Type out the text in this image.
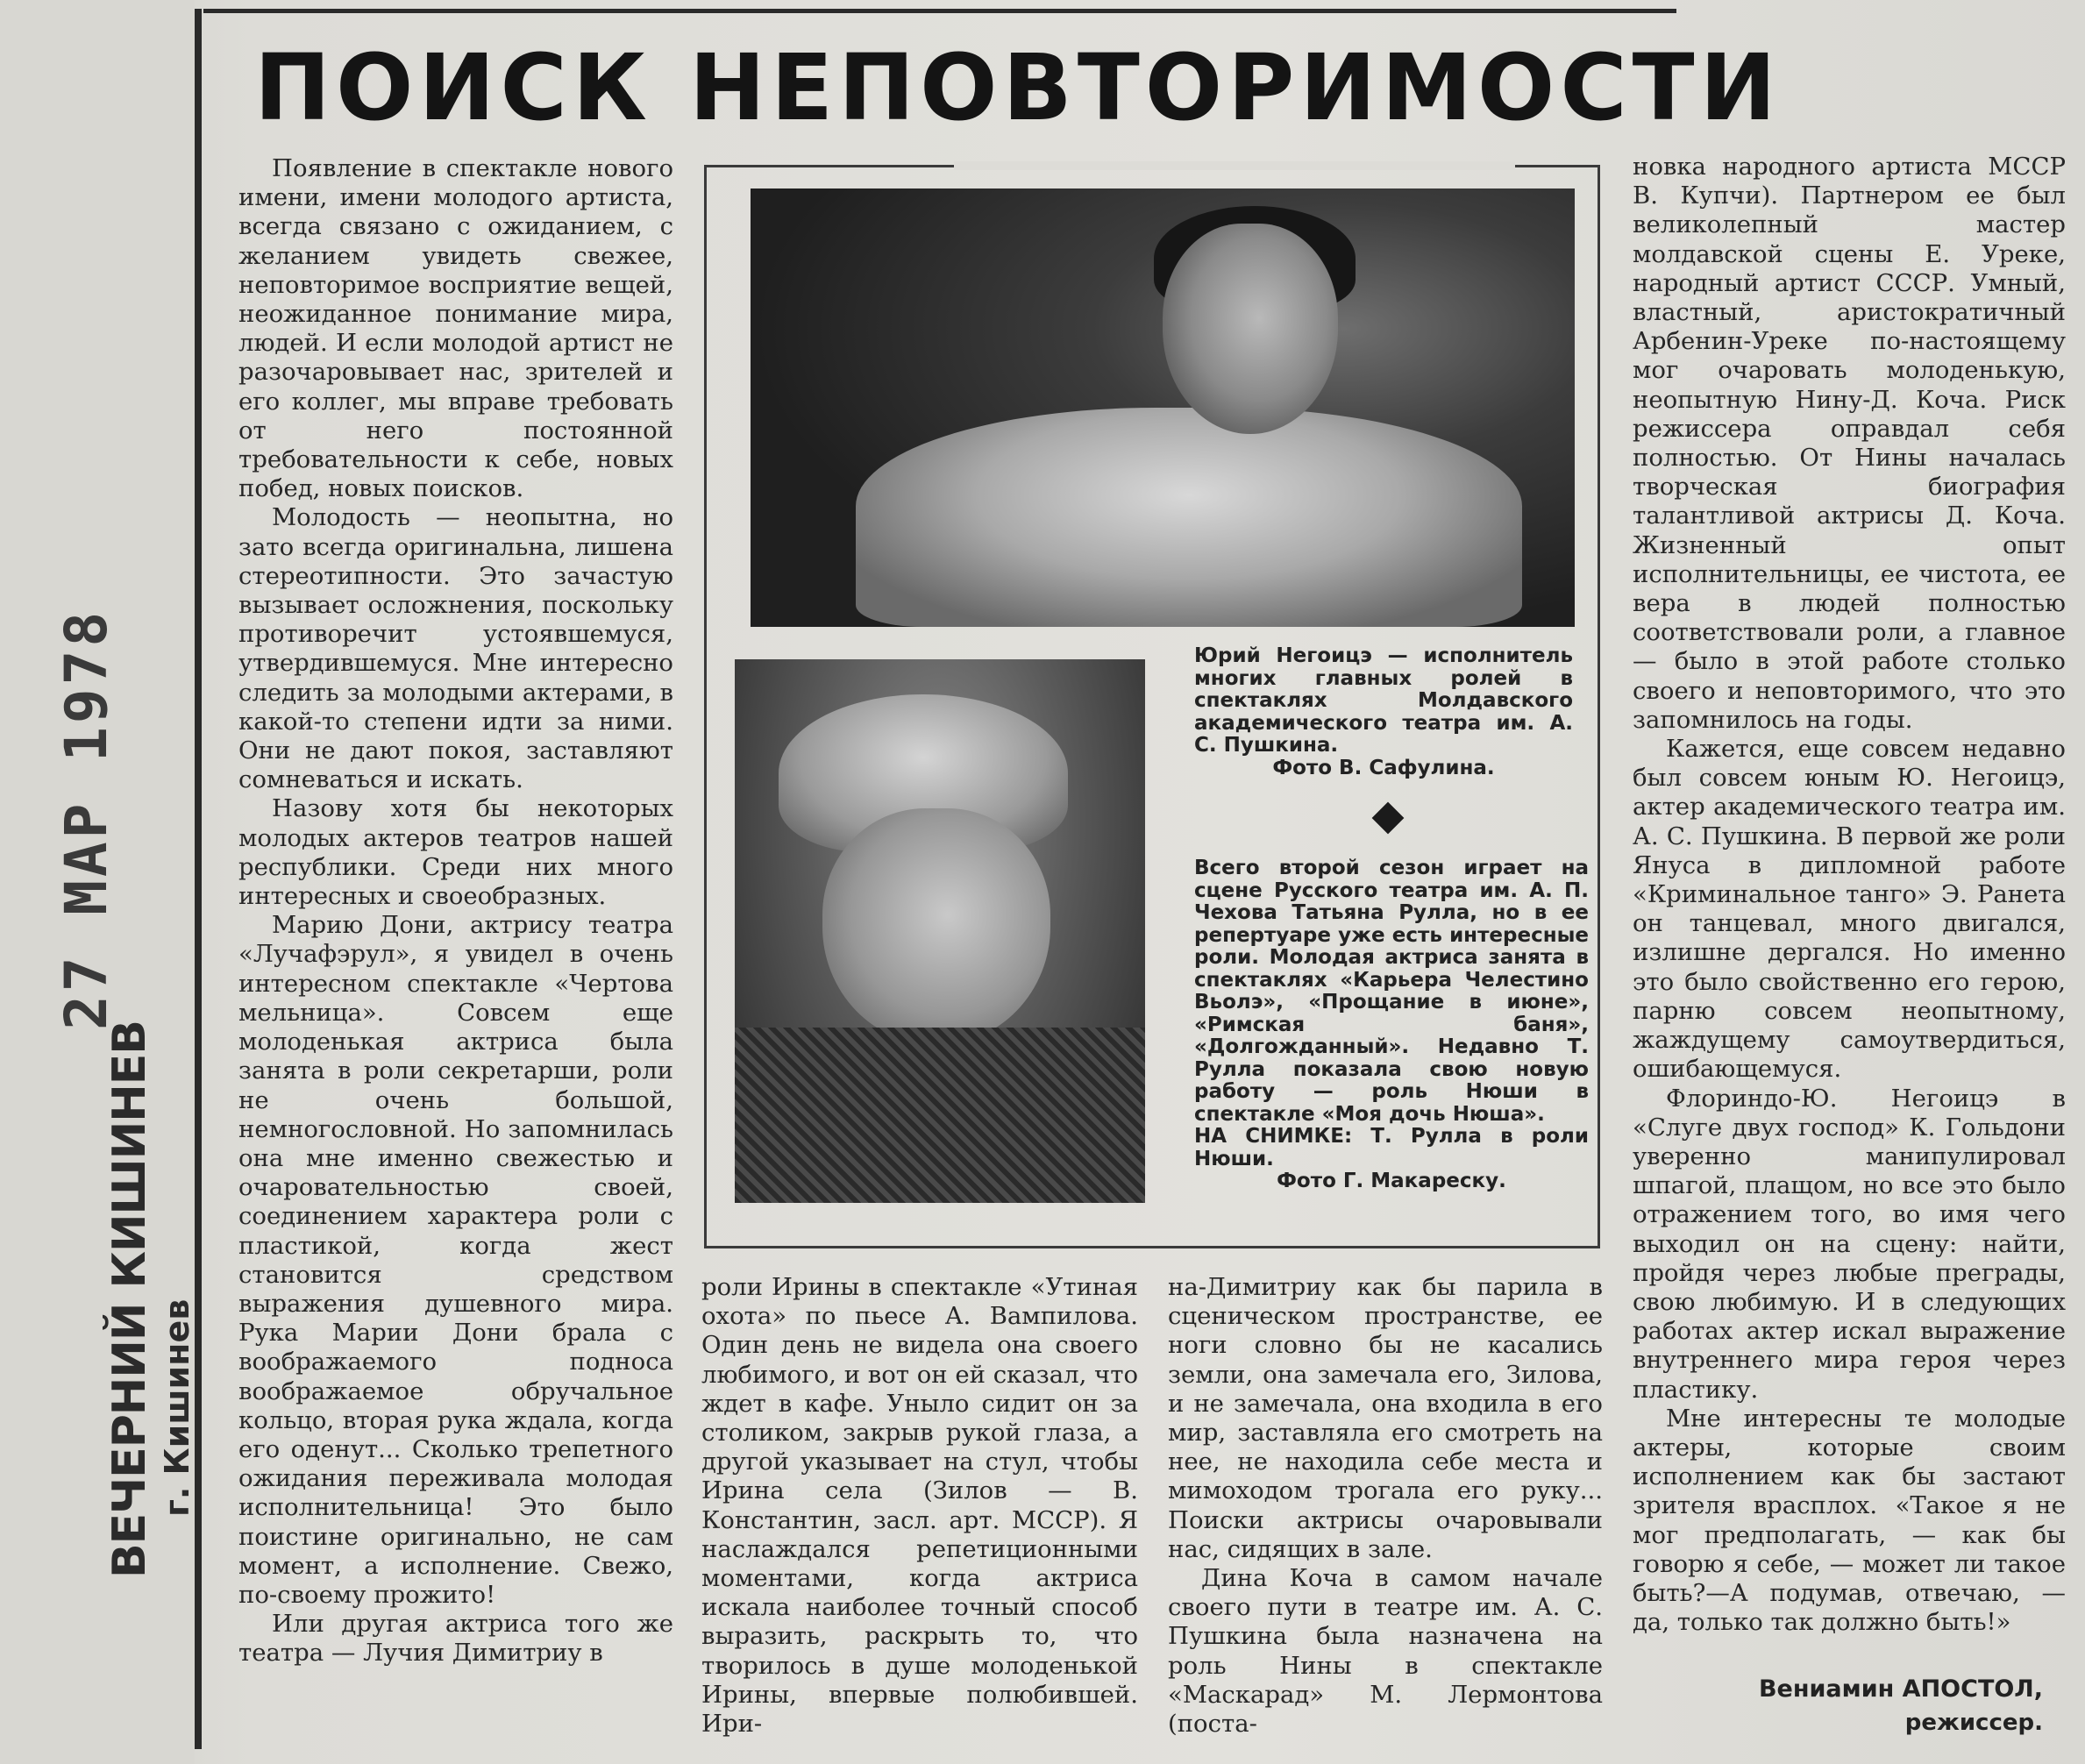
27 МАР 1978
ВЕЧЕРНИЙ КИШИНЕВ г. Кишинев
ПОИСК НЕПОВТОРИМОСТИ

Появление в спектакле нового имени, имени молодого артиста, всегда связано с ожиданием, с желанием увидеть свежее, неповторимое восприятие вещей, неожиданное понимание мира, людей. И если молодой артист не разочаровывает нас, зрителей и его коллег, мы вправе требовать от него постоянной требовательности к себе, новых побед, новых поисков.

Молодость — неопытна, но зато всегда оригинальна, лишена стереотипности. Это зачастую вызывает осложнения, поскольку противоречит устоявшемуся, утвердившемуся. Мне интересно следить за молодыми актерами, в какой-то степени идти за ними. Они не дают покоя, заставляют сомневаться и искать.

Назову хотя бы некоторых молодых актеров театров нашей республики. Среди них много интересных и своеобразных.

Марию Дони, актрису театра «Лучафэрул», я увидел в очень интересном спектакле «Чертова мельница». Совсем еще молоденькая актриса была занята в роли секретарши, роли не очень большой, немногословной. Но запомнилась она мне именно свежестью и очаровательностью своей, соединением характера роли с пластикой, когда жест становится средством выражения душевного мира. Рука Марии Дони брала с воображаемого подноса воображаемое обручальное кольцо, вторая рука ждала, когда его оденут... Сколько трепетного ожидания переживала молодая исполнительница! Это было поистине оригинально, не сам момент, а исполнение. Свежо, по-своему прожито!

Или другая актриса того же театра — Лучия Димитриу в

Юрий Негоицэ — исполнитель многих главных ролей в спектаклях Молдавского академического театра им. А. С. Пушкина.

Фото В. Сафулина.

Всего второй сезон играет на сцене Русского театра им. А. П. Чехова Татьяна Рулла, но в ее репертуаре уже есть интересные роли. Молодая актриса занята в спектаклях «Карьера Челестино Вьолэ», «Прощание в июне», «Римская баня», «Долгожданный». Недавно Т. Рулла показала свою новую работу — роль Нюши в спектакле «Моя дочь Нюша».

НА СНИМКЕ: Т. Рулла в роли Нюши.

Фото Г. Макареску.

роли Ирины в спектакле «Утиная охота» по пьесе А. Вампилова. Один день не видела она своего любимого, и вот он ей сказал, что ждет в кафе. Уныло сидит он за столиком, закрыв рукой глаза, а другой указывает на стул, чтобы Ирина села (Зилов — В. Константин, засл. арт. МССР). Я наслаждался репетиционными моментами, когда актриса искала наиболее точный способ выразить, раскрыть то, что творилось в душе молоденькой Ирины, впервые полюбившей. Ири-

на-Димитриу как бы парила в сценическом пространстве, ее ноги словно бы не касались земли, она замечала его, Зилова, и не замечала, она входила в его мир, заставляла его смотреть на нее, не находила себе места и мимоходом трогала его руку... Поиски актрисы очаровывали нас, сидящих в зале.

Дина Коча в самом начале своего пути в театре им. А. С. Пушкина была назначена на роль Нины в спектакле «Маскарад» М. Лермонтова (поста-

новка народного артиста МССР В. Купчи). Партнером ее был великолепный мастер молдавской сцены Е. Уреке, народный артист СССР. Умный, властный, аристократичный Арбенин-Уреке по-настоящему мог очаровать молоденькую, неопытную Нину-Д. Коча. Риск режиссера оправдал себя полностью. От Нины началась творческая биография талантливой актрисы Д. Коча. Жизненный опыт исполнительницы, ее чистота, ее вера в людей полностью соответствовали роли, а главное — было в этой работе столько своего и неповторимого, что это запомнилось на годы.

Кажется, еще совсем недавно был совсем юным Ю. Негоицэ, актер академического театра им. А. С. Пушкина. В первой же роли Януса в дипломной работе «Криминальное танго» Э. Ранета он танцевал, много двигался, излишне дергался. Но именно это было свойственно его герою, парню совсем неопытному, жаждущему самоутвердиться, ошибающемуся.

Флориндо-Ю. Негоицэ в «Слуге двух господ» К. Гольдони уверенно манипулировал шпагой, плащом, но все это было отражением того, во имя чего выходил он на сцену: найти, пройдя через любые преграды, свою любимую. И в следующих работах актер искал выражение внутреннего мира героя через пластику.

Мне интересны те молодые актеры, которые своим исполнением как бы застают зрителя врасплох. «Такое я не мог предполагать, — как бы говорю я себе, — может ли такое быть?—А подумав, отвечаю, — да, только так должно быть!»

Вениамин АПОСТОЛ,
режиссер.
